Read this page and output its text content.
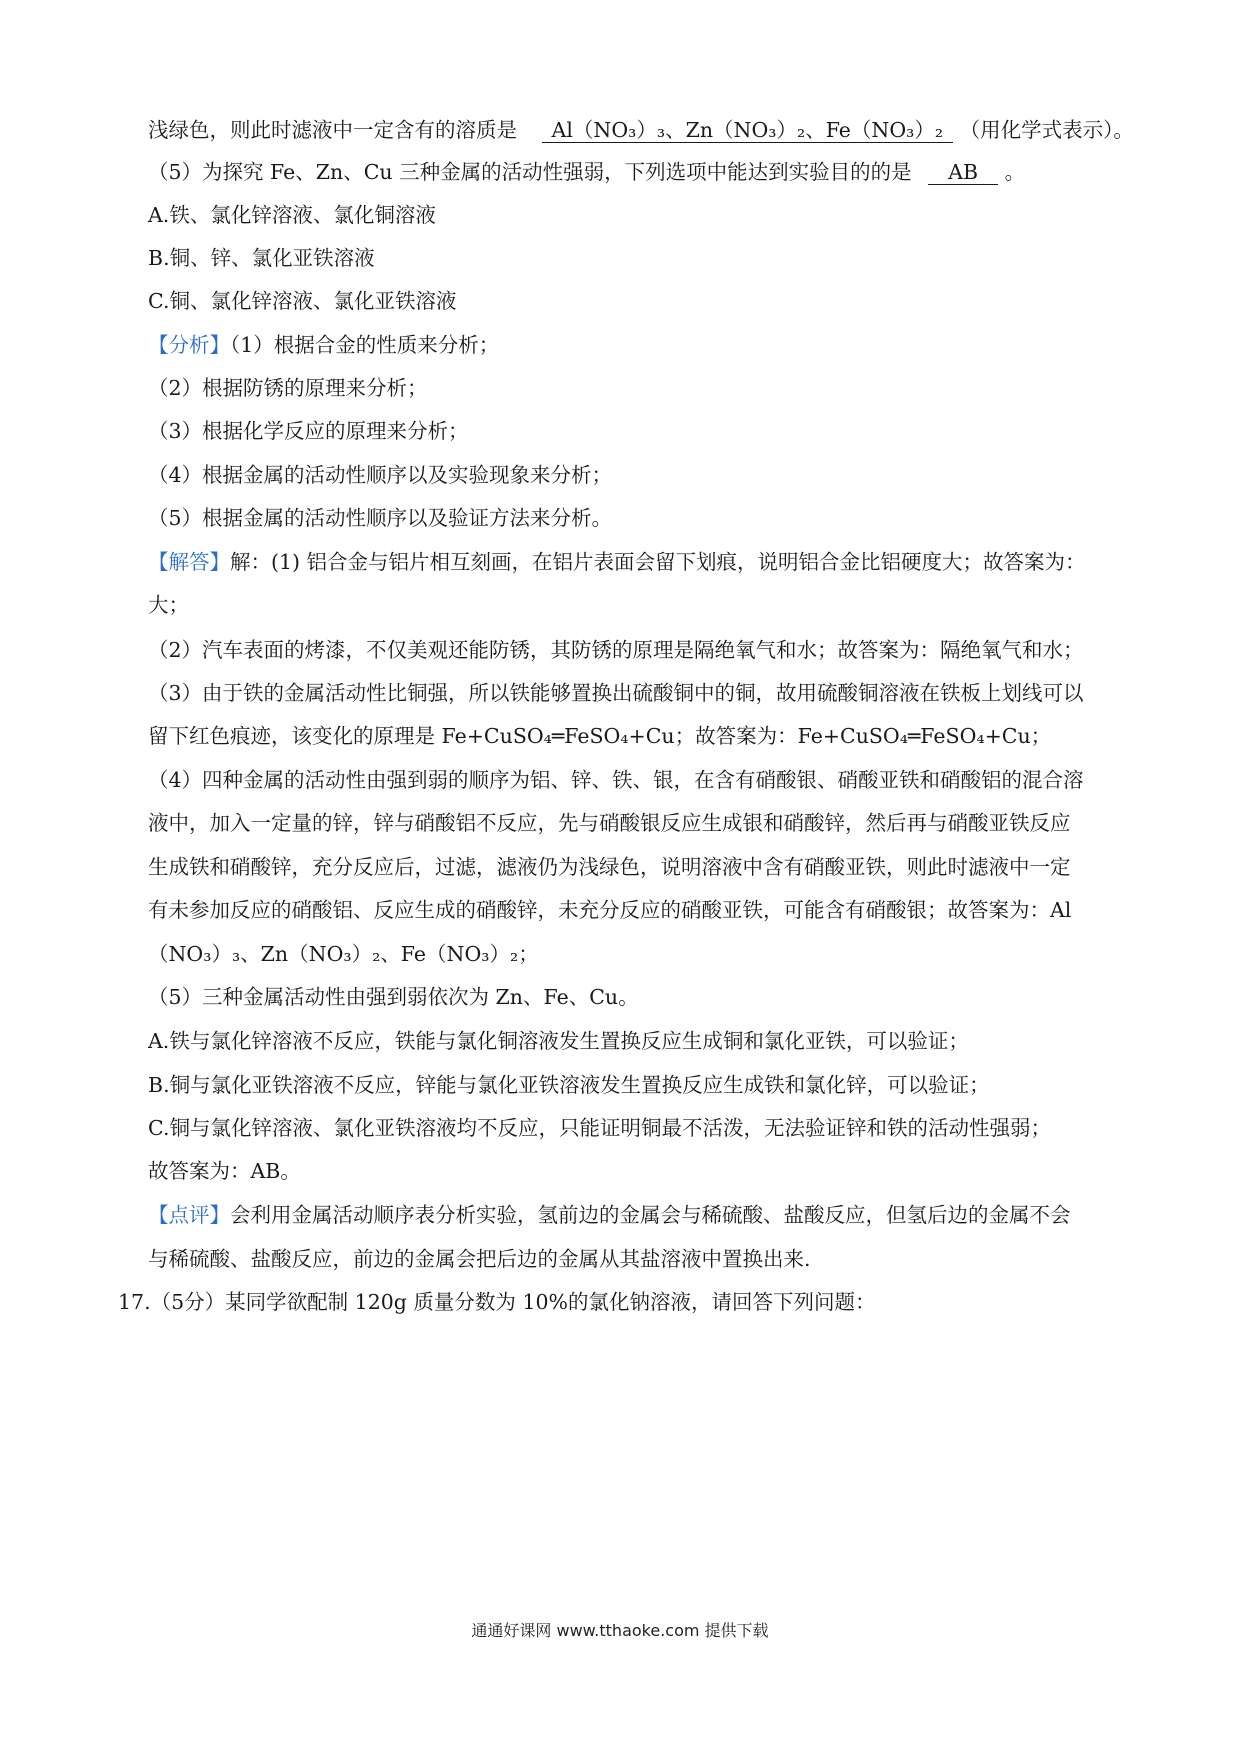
浅绿色，则此时滤液中一定含有的溶质是 Al（NO₃）₃、Zn（NO₃）₂、Fe（NO₃）₂ （用化学式表示）。
（5）为探究 Fe、Zn、Cu 三种金属的活动性强弱，下列选项中能达到实验目的的是 AB 。
A.铁、氯化锌溶液、氯化铜溶液
B.铜、锌、氯化亚铁溶液
C.铜、氯化锌溶液、氯化亚铁溶液
【分析】（1）根据合金的性质来分析；
（2）根据防锈的原理来分析；
（3）根据化学反应的原理来分析；
（4）根据金属的活动性顺序以及实验现象来分析；
（5）根据金属的活动性顺序以及验证方法来分析。
【解答】解：(1) 铝合金与铝片相互刻画，在铝片表面会留下划痕，说明铝合金比铝硬度大；故答案为：
大；
（2）汽车表面的烤漆，不仅美观还能防锈，其防锈的原理是隔绝氧气和水；故答案为：隔绝氧气和水；
（3）由于铁的金属活动性比铜强，所以铁能够置换出硫酸铜中的铜，故用硫酸铜溶液在铁板上划线可以
留下红色痕迹，该变化的原理是 Fe+CuSO₄═FeSO₄+Cu；故答案为：Fe+CuSO₄═FeSO₄+Cu；
（4）四种金属的活动性由强到弱的顺序为铝、锌、铁、银，在含有硝酸银、硝酸亚铁和硝酸铝的混合溶
液中，加入一定量的锌，锌与硝酸铝不反应，先与硝酸银反应生成银和硝酸锌，然后再与硝酸亚铁反应
生成铁和硝酸锌，充分反应后，过滤，滤液仍为浅绿色，说明溶液中含有硝酸亚铁，则此时滤液中一定
有未参加反应的硝酸铝、反应生成的硝酸锌，未充分反应的硝酸亚铁，可能含有硝酸银；故答案为：Al
（NO₃）₃、Zn（NO₃）₂、Fe（NO₃）₂；
（5）三种金属活动性由强到弱依次为 Zn、Fe、Cu。
A.铁与氯化锌溶液不反应，铁能与氯化铜溶液发生置换反应生成铜和氯化亚铁，可以验证；
B.铜与氯化亚铁溶液不反应，锌能与氯化亚铁溶液发生置换反应生成铁和氯化锌，可以验证；
C.铜与氯化锌溶液、氯化亚铁溶液均不反应，只能证明铜最不活泼，无法验证锌和铁的活动性强弱；
故答案为：AB。
【点评】会利用金属活动顺序表分析实验，氢前边的金属会与稀硫酸、盐酸反应，但氢后边的金属不会
与稀硫酸、盐酸反应，前边的金属会把后边的金属从其盐溶液中置换出来.
17.（5分）某同学欲配制 120g 质量分数为 10%的氯化钠溶液，请回答下列问题：
通通好课网 www.tthaoke.com 提供下载
